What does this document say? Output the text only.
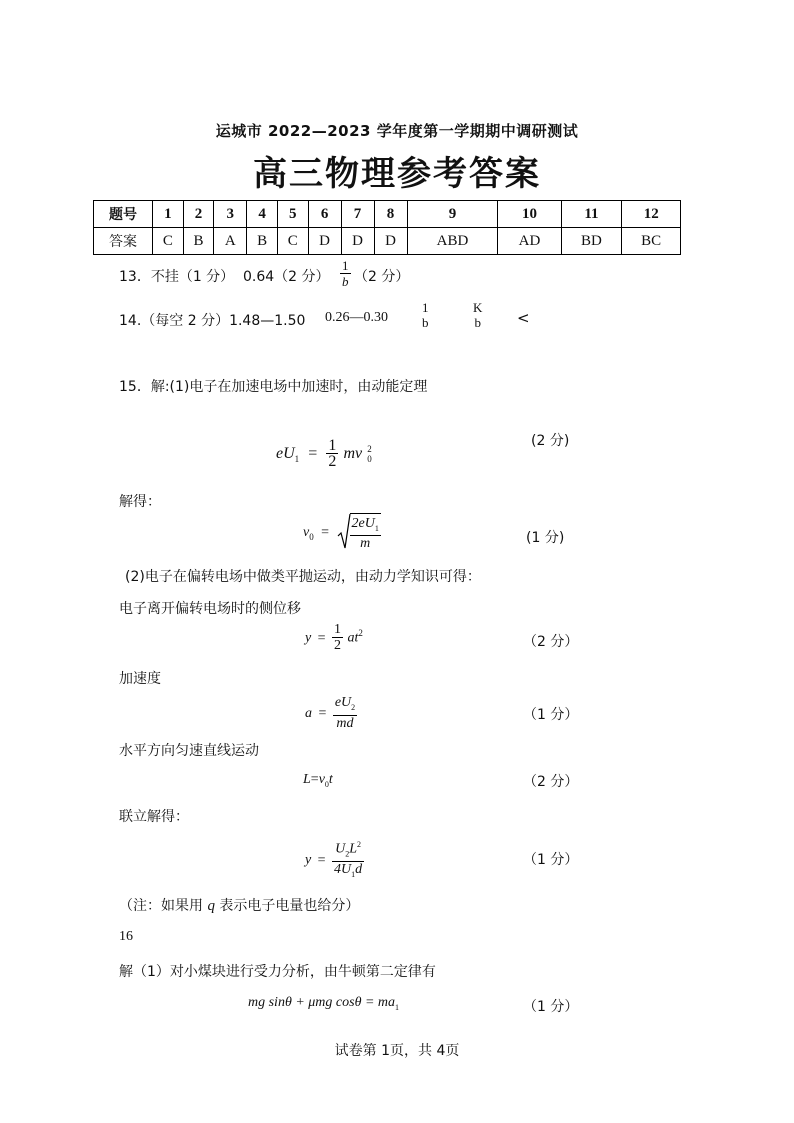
运城市 2022—2023 学年度第一学期期中调研测试
高三物理参考答案
题号	1	2	3	4	5	6	7	8	9	10	11	12
答案	C	B	A	B	C	D	D	D	ABD	AD	BD	BC
13．不挂（1 分） 0.64（2 分） $\frac{1}{b} (2$ 分）
14.（每空 2 分）1.48—1.50 0.26—0.30
1
b
K
b <
15．解:(1)电子在加速电场中加速时，由动能定理
$eU_1 = \frac{1}{2}$ mv 2
0
(2 分)
解得：
$v_0 = \frac{2eU_1}{m}$	(1 分)
(2)电子在偏转电场中做类平抛运动，由动力学知识可得：
电子离开偏转电场时的侧位移
$y = \frac{1}{2} at^2$
（2 分）
加速度
$a = \frac{eU_2}{md}$	（1 分）
水平方向匀速直线运动
$L=v_0t$	（2 分）
联立解得：
$y = \frac{U_2L^2}{4U_1d}$	（1 分）
（注：如果用 q 表示电子电量也给分）
16
解（1）对小煤块进行受力分析，由牛顿第二定律有
mg sinθ + μmg $\cos\theta = ma_1$	（1 分）
试卷第 1页，共 4页
